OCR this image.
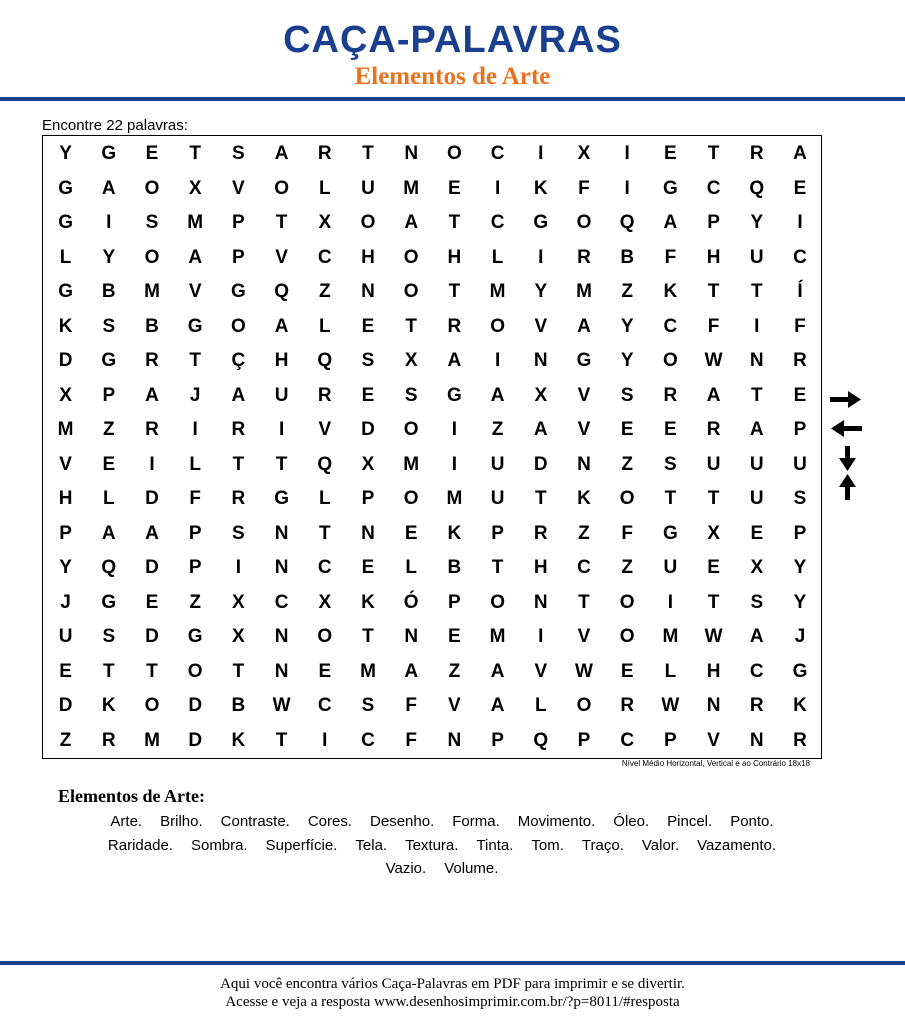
CAÇA-PALAVRAS
Elementos de Arte
Encontre 22 palavras:
Y	G	E	T	S	A	R	T	N	O	C	I	X	I	E	T	R	A
G	A	O	X	V	O	L	U	M	E	I	K	F	I	G	C	Q	E
G	I	S	M	P	T	X	O	A	T	C	G	O	Q	A	P	Y	I
L	Y	O	A	P	V	C	H	O	H	L	I	R	B	F	H	U	C
G	B	M	V	G	Q	Z	N	O	T	M	Y	M	Z	K	T	T	Í
K	S	B	G	O	A	L	E	T	R	O	V	A	Y	C	F	I	F
D	G	R	T	Ç	H	Q	S	X	A	I	N	G	Y	O	W	N	R
X	P	A	J	A	U	R	E	S	G	A	X	V	S	R	A	T	E
M	Z	R	I	R	I	V	D	O	I	Z	A	V	E	E	R	A	P
V	E	I	L	T	T	Q	X	M	I	U	D	N	Z	S	U	U	U
H	L	D	F	R	G	L	P	O	M	U	T	K	O	T	T	U	S
P	A	A	P	S	N	T	N	E	K	P	R	Z	F	G	X	E	P
Y	Q	D	P	I	N	C	E	L	B	T	H	C	Z	U	E	X	Y
J	G	E	Z	X	C	X	K	Ó	P	O	N	T	O	I	T	S	Y
U	S	D	G	X	N	O	T	N	E	M	I	V	O	M	W	A	J
E	T	T	O	T	N	E	M	A	Z	A	V	W	E	L	H	C	G
D	K	O	D	B	W	C	S	F	V	A	L	O	R	W	N	R	K
Z	R	M	D	K	T	I	C	F	N	P	Q	P	C	P	V	N	R
Nível Médio Horizontal, Vertical e ao Contrário 18x18
Elementos de Arte:
Arte. Brilho. Contraste. Cores. Desenho. Forma. Movimento. Óleo. Pincel. Ponto.
Raridade. Sombra. Superfície. Tela. Textura. Tinta. Tom. Traço. Valor. Vazamento.
Vazio. Volume.
Aqui você encontra vários Caça-Palavras em PDF para imprimir e se divertir.
Acesse e veja a resposta www.desenhosimprimir.com.br/?p=8011/#resposta
